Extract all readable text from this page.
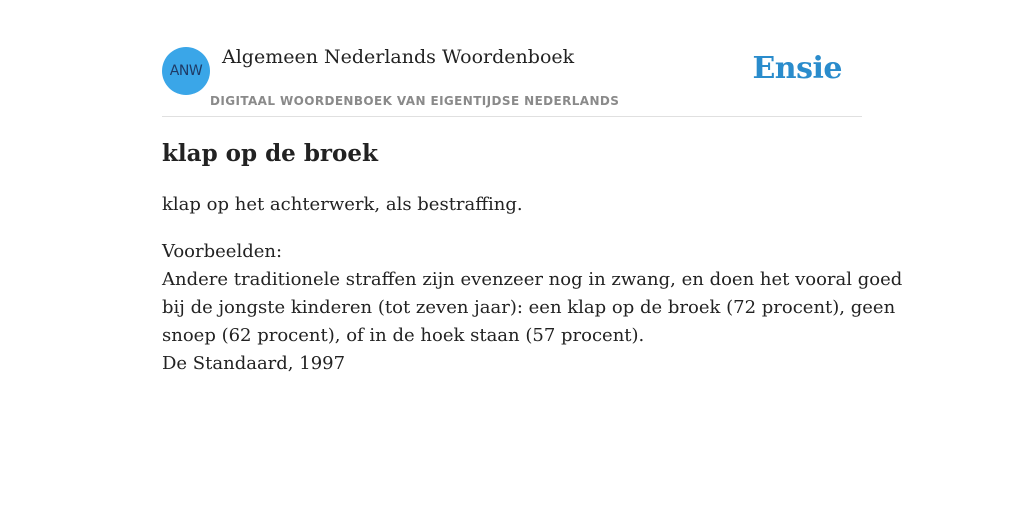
ANW
Algemeen Nederlands Woordenboek
DIGITAAL WOORDENBOEK VAN EIGENTIJDSE NEDERLANDS
Ensie
klap op de broek

klap op het achterwerk, als bestraffing.

Voorbeelden:
Andere traditionele straffen zijn evenzeer nog in zwang, en doen het vooral goed
bij de jongste kinderen (tot zeven jaar): een klap op de broek (72 procent), geen
snoep (62 procent), of in de hoek staan (57 procent).
De Standaard, 1997
